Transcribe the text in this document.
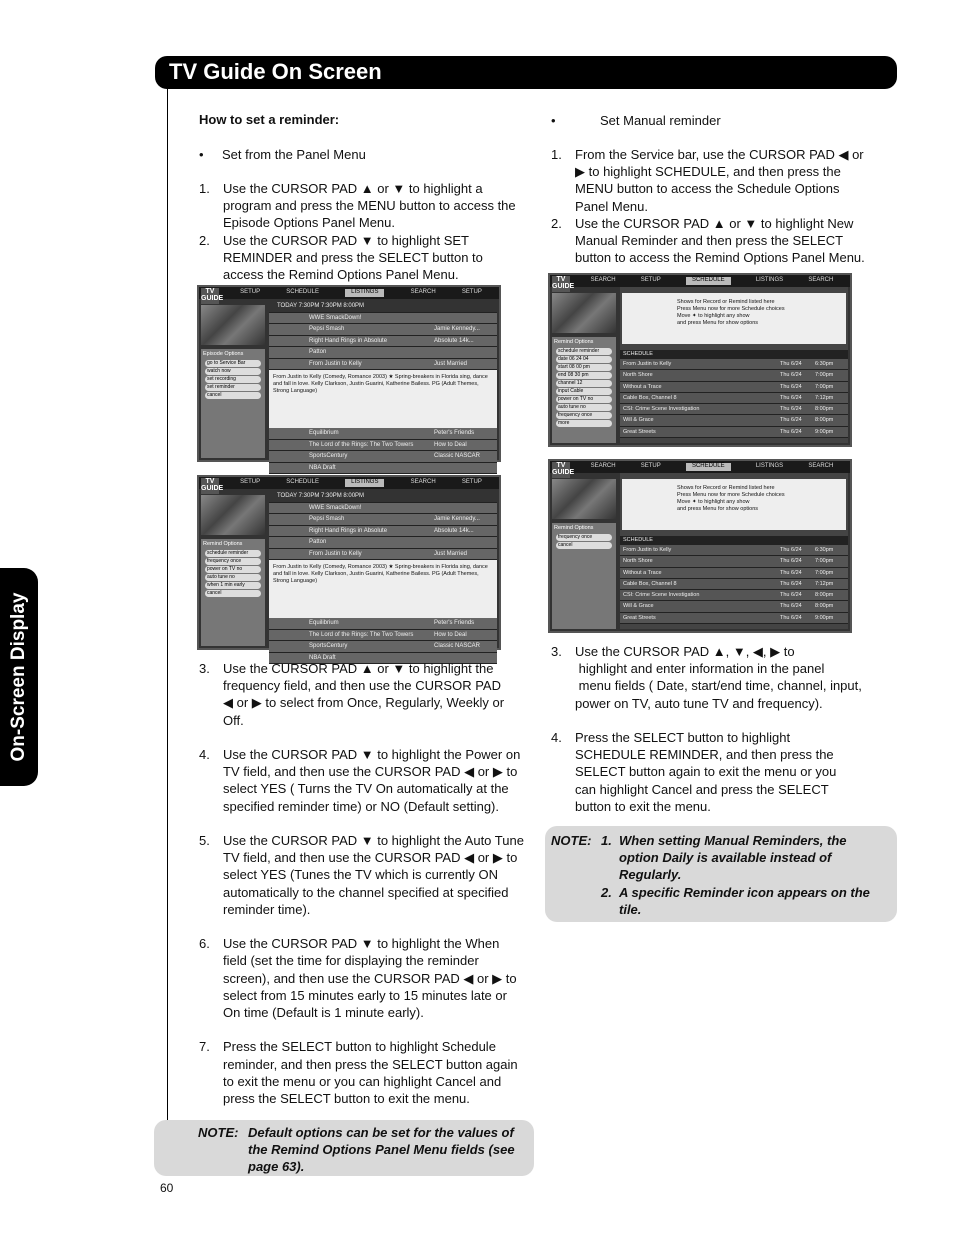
TV Guide On Screen
On-Screen Display
How to set a reminder:
• Set from the Panel Menu
1. Use the CURSOR PAD ▲ or ▼ to highlight a
program and press the MENU button to access the
Episode Options Panel Menu.
2. Use the CURSOR PAD ▼ to highlight SET
REMINDER and press the SELECT button to
access the Remind Options Panel Menu.
TV GUIDE
SETUP	SCHEDULE	LISTINGS	SEARCH	SETUP
Episode Options
go to Service Bar
watch now
set recording
set reminder
cancel
TODAY 7:30PM 7:30PM 8:00PM
WWE SmackDown!
Pepsi Smash	Jamie Kennedy...
Right Hand Rings in Absolute	Absolute 14k...
Patton
From Justin to Kelly	Just Married
From Justin to Kelly (Comedy, Romance 2003) ★ Spring-breakers in Florida sing, dance and fall in love. Kelly Clarkson, Justin Guarini, Katherine Bailess. PG (Adult Themes, Strong Language)
Equilibrium	Peter's Friends
The Lord of the Rings: The Two Towers	How to Deal
SportsCentury	Classic NASCAR
NBA Draft
TV GUIDE
SETUP	SCHEDULE	LISTINGS	SEARCH	SETUP
Remind Options
schedule reminder
frequency once
power on TV no
auto tune no
when 1 min early
cancel
TODAY 7:30PM 7:30PM 8:00PM
WWE SmackDown!
Pepsi Smash	Jamie Kennedy...
Right Hand Rings in Absolute	Absolute 14k...
Patton
From Justin to Kelly	Just Married
From Justin to Kelly (Comedy, Romance 2003) ★ Spring-breakers in Florida sing, dance and fall in love. Kelly Clarkson, Justin Guarini, Katherine Bailess. PG (Adult Themes, Strong Language)
Equilibrium	Peter's Friends
The Lord of the Rings: The Two Towers	How to Deal
SportsCentury	Classic NASCAR
NBA Draft
3. Use the CURSOR PAD ▲ or ▼ to highlight the
frequency field, and then use the CURSOR PAD
◀ or ▶ to select from Once, Regularly, Weekly or
Off.
4. Use the CURSOR PAD ▼ to highlight the Power on
TV field, and then use the CURSOR PAD ◀ or ▶ to
select YES ( Turns the TV On automatically at the
specified reminder time) or NO (Default setting).
5. Use the CURSOR PAD ▼ to highlight the Auto Tune
TV field, and then use the CURSOR PAD ◀ or ▶ to
select YES (Tunes the TV which is currently ON
automatically to the channel specified at specified
reminder time).
6. Use the CURSOR PAD ▼ to highlight the When
field (set the time for displaying the reminder
screen), and then use the CURSOR PAD ◀ or ▶ to
select from 15 minutes early to 15 minutes late or
On time (Default is 1 minute early).
7. Press the SELECT button to highlight Schedule
reminder, and then press the SELECT button again
to exit the menu or you can highlight Cancel and
press the SELECT button to exit the menu.
NOTE: Default options can be set for the values of
the Remind Options Panel Menu fields (see
page 63).
•	Set Manual reminder
1. From the Service bar, use the CURSOR PAD ◀ or
▶ to highlight SCHEDULE, and then press the
MENU button to access the Schedule Options
Panel Menu.
2. Use the CURSOR PAD ▲ or ▼ to highlight New
Manual Reminder and then press the SELECT
button to access the Remind Options Panel Menu.
TV GUIDE
SEARCH	SETUP	SCHEDULE	LISTINGS	SEARCH
Remind Options
schedule reminder
date 06 24 04
start 08 00 pm
end 08 30 pm
channel 12
input Cable
power on TV no
auto tune no
frequency once
more
Shows for Record or Remind listed here
Press Menu now for more Schedule choices
Move ✦ to highlight any show
and press Menu for show options
SCHEDULE
From Justin to Kelly	Thu 6/24 6:30pm
North Shore	Thu 6/24 7:00pm
Without a Trace	Thu 6/24 7:00pm
Cable Box, Channel 8	Thu 6/24 7:12pm
CSI: Crime Scene Investigation	Thu 6/24 8:00pm
Will & Grace	Thu 6/24 8:00pm
Great Streets	Thu 6/24 9:00pm
TV GUIDE
SEARCH	SETUP	SCHEDULE	LISTINGS	SEARCH
Remind Options
frequency once
cancel
Shows for Record or Remind listed here
Press Menu now for more Schedule choices
Move ✦ to highlight any show
and press Menu for show options
SCHEDULE
From Justin to Kelly	Thu 6/24 6:30pm
North Shore	Thu 6/24 7:00pm
Without a Trace	Thu 6/24 7:00pm
Cable Box, Channel 8	Thu 6/24 7:12pm
CSI: Crime Scene Investigation	Thu 6/24 8:00pm
Will & Grace	Thu 6/24 8:00pm
Great Streets	Thu 6/24 9:00pm
3. Use the CURSOR PAD ▲, ▼, ◀, ▶ to
highlight and enter information in the panel
menu fields ( Date, start/end time, channel, input,
power on TV, auto tune TV and frequency).
4. Press the SELECT button to highlight
SCHEDULE REMINDER, and then press the
SELECT button again to exit the menu or you
can highlight Cancel and press the SELECT
button to exit the menu.
NOTE: 1. When setting Manual Reminders, the
option Daily is available instead of
Regularly.
2. A specific Reminder icon appears on the
tile.
60
